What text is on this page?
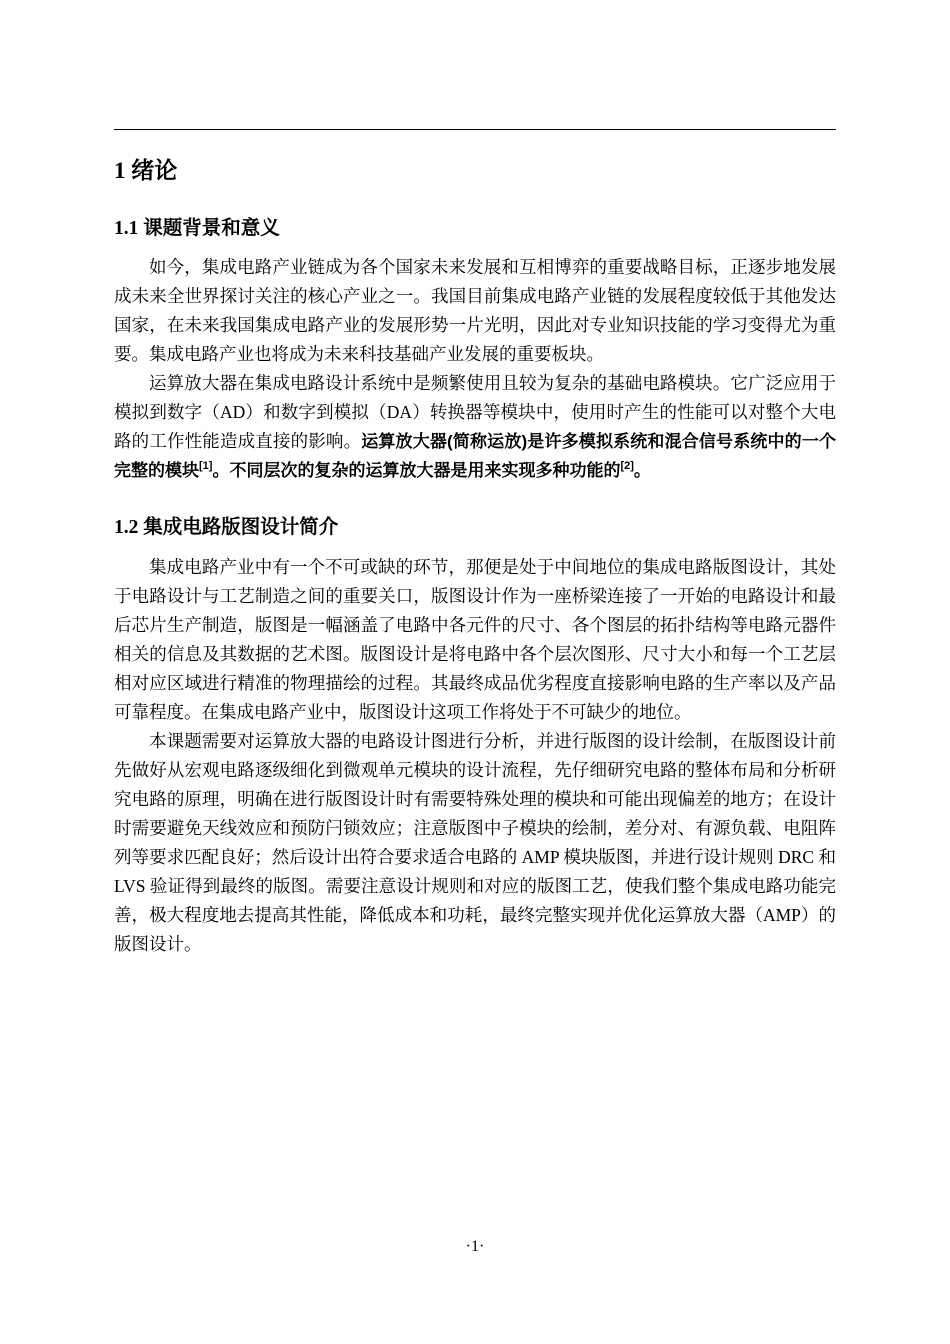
1 绪论
1.1 课题背景和意义

如今，集成电路产业链成为各个国家未来发展和互相博弈的重要战略目标，正逐步地发展成未来全世界探讨关注的核心产业之一。我国目前集成电路产业链的发展程度较低于其他发达国家，在未来我国集成电路产业的发展形势一片光明，因此对专业知识技能的学习变得尤为重要。集成电路产业也将成为未来科技基础产业发展的重要板块。

运算放大器在集成电路设计系统中是频繁使用且较为复杂的基础电路模块。它广泛应用于模拟到数字（AD）和数字到模拟（DA）转换器等模块中，使用时产生的性能可以对整个大电路的工作性能造成直接的影响。运算放大器(简称运放)是许多模拟系统和混合信号系统中的一个完整的模块[1]。不同层次的复杂的运算放大器是用来实现多种功能的[2]。

1.2 集成电路版图设计简介

集成电路产业中有一个不可或缺的环节，那便是处于中间地位的集成电路版图设计，其处于电路设计与工艺制造之间的重要关口，版图设计作为一座桥梁连接了一开始的电路设计和最后芯片生产制造，版图是一幅涵盖了电路中各元件的尺寸、各个图层的拓扑结构等电路元器件相关的信息及其数据的艺术图。版图设计是将电路中各个层次图形、尺寸大小和每一个工艺层相对应区域进行精准的物理描绘的过程。其最终成品优劣程度直接影响电路的生产率以及产品可靠程度。在集成电路产业中，版图设计这项工作将处于不可缺少的地位。

本课题需要对运算放大器的电路设计图进行分析，并进行版图的设计绘制，在版图设计前先做好从宏观电路逐级细化到微观单元模块的设计流程，先仔细研究电路的整体布局和分析研究电路的原理，明确在进行版图设计时有需要特殊处理的模块和可能出现偏差的地方；在设计时需要避免天线效应和预防闩锁效应；注意版图中子模块的绘制，差分对、有源负载、电阻阵列等要求匹配良好；然后设计出符合要求适合电路的 AMP 模块版图，并进行设计规则 DRC 和 LVS 验证得到最终的版图。需要注意设计规则和对应的版图工艺，使我们整个集成电路功能完善，极大程度地去提高其性能，降低成本和功耗，最终完整实现并优化运算放大器（AMP）的版图设计。

·1·
